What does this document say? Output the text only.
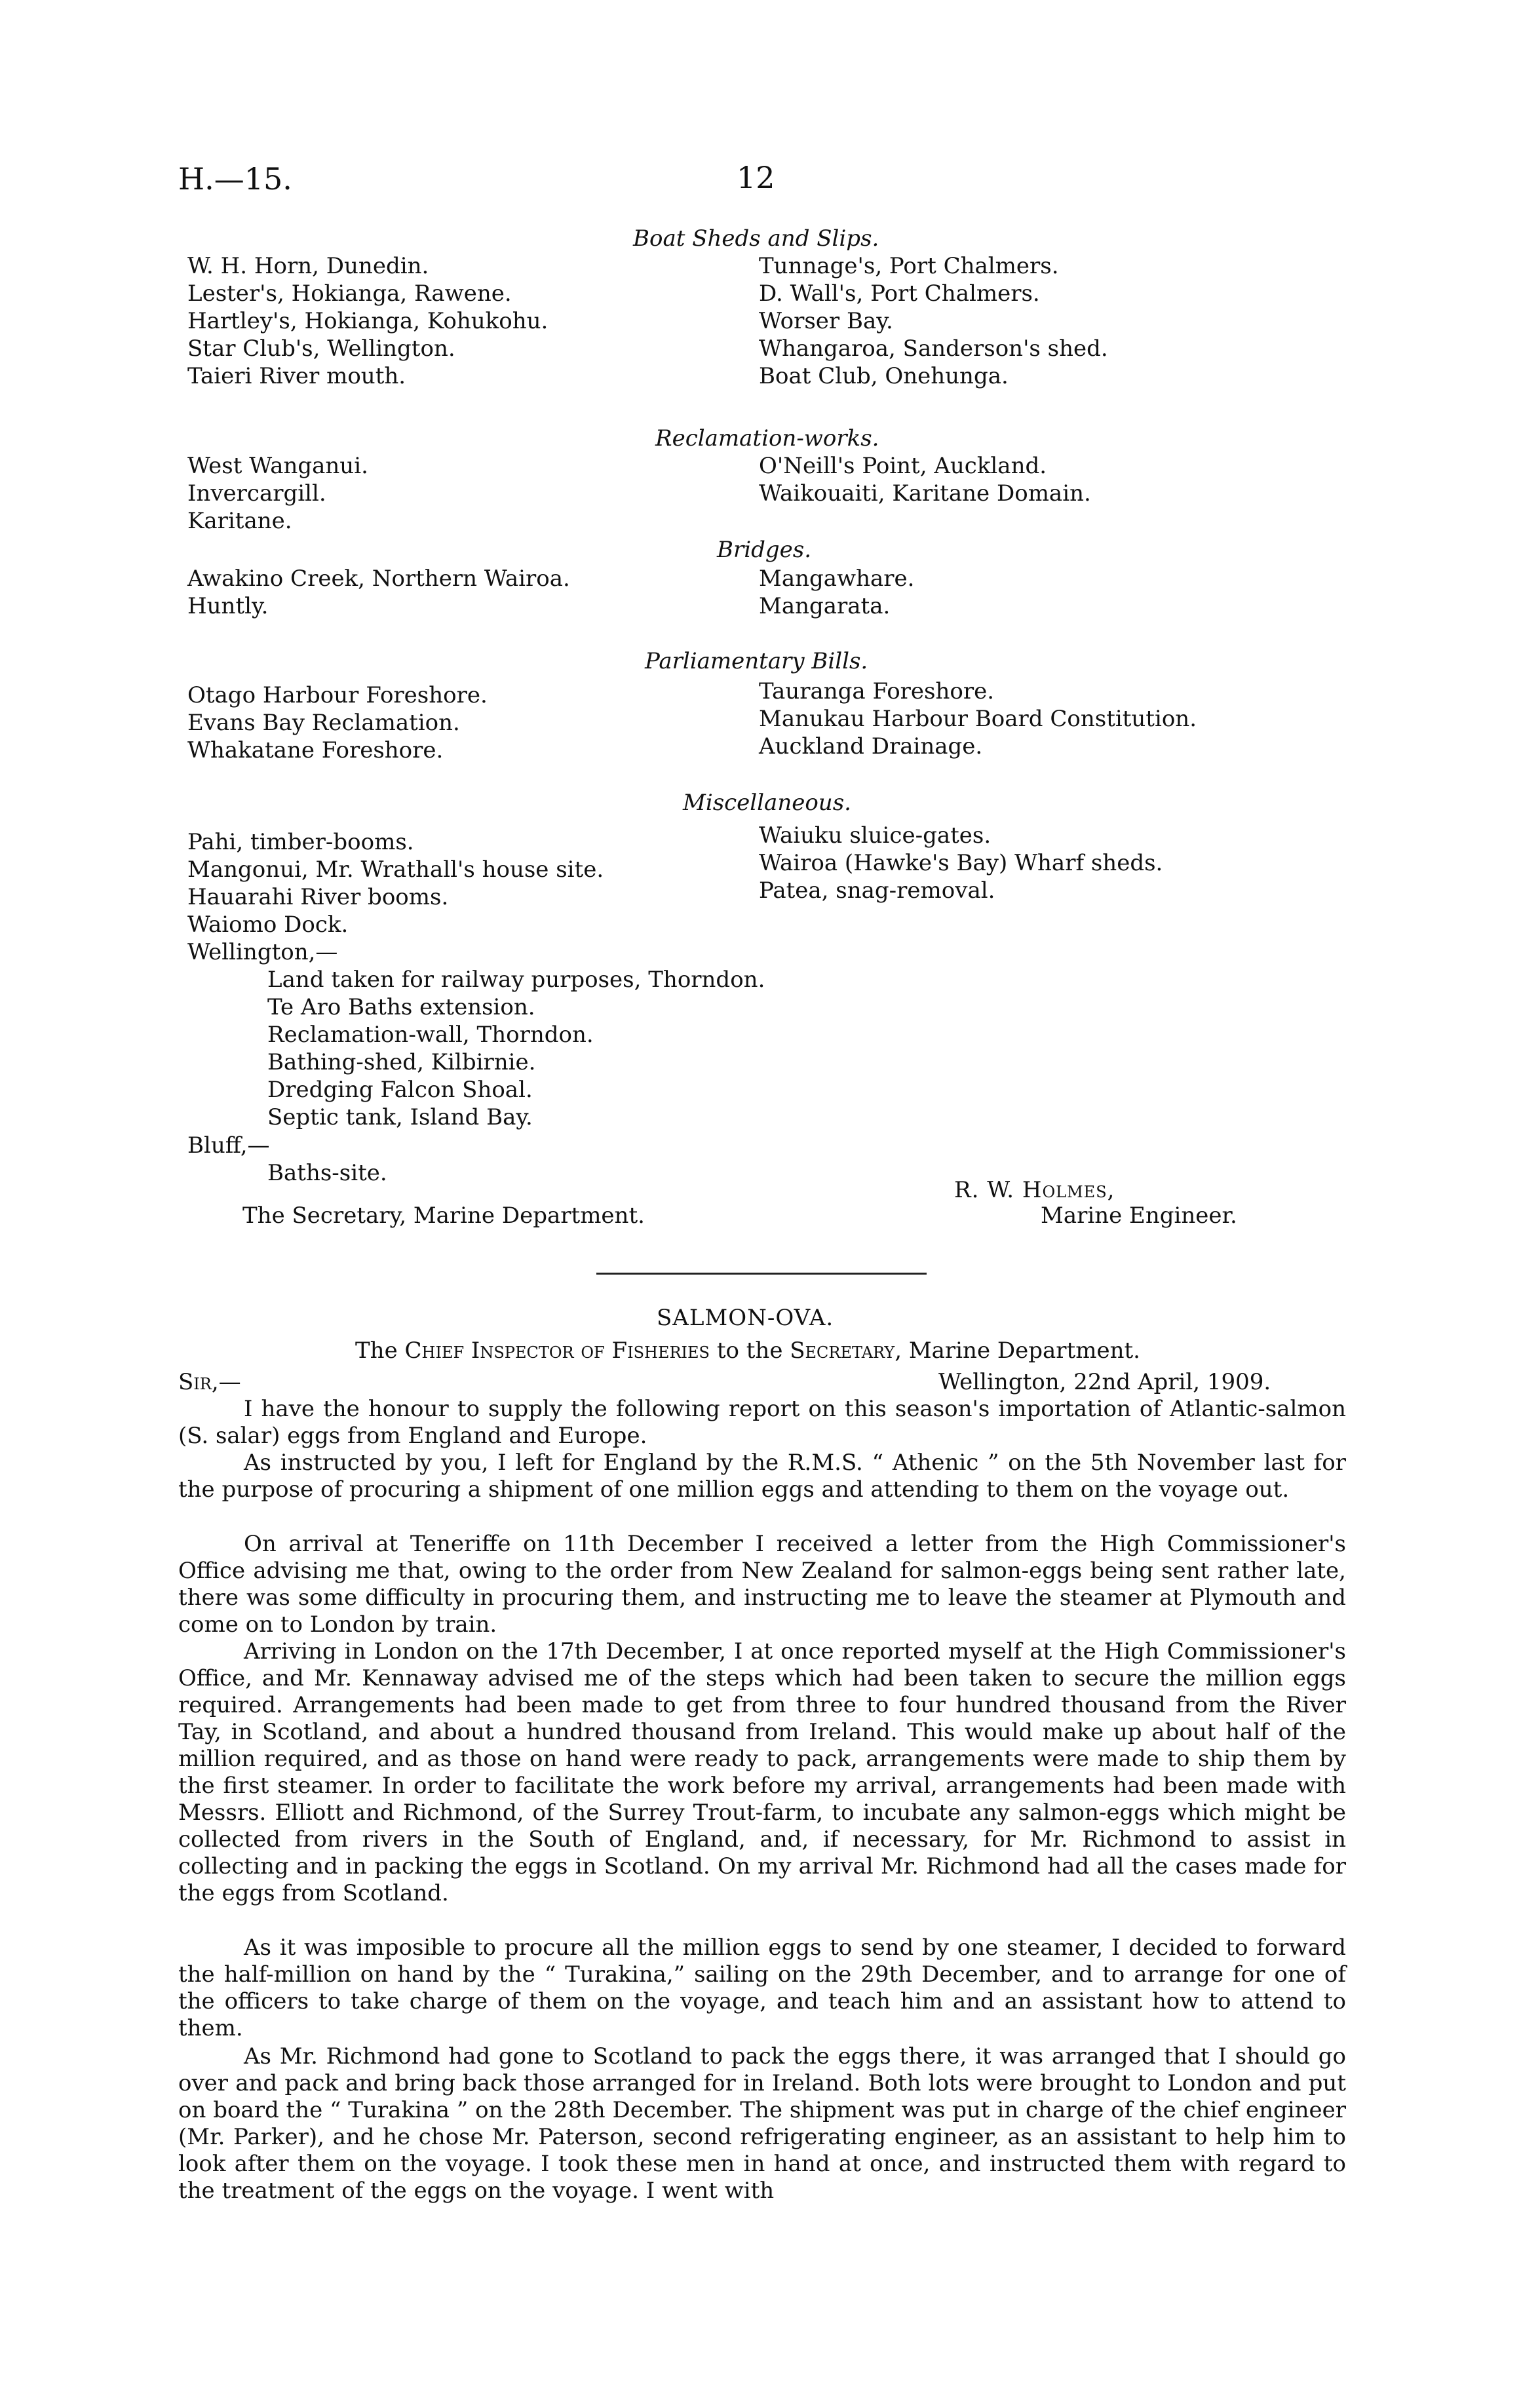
H.—15.	12
Boat Sheds and Slips.
W. H. Horn, Dunedin.
Lester's, Hokianga, Rawene.
Hartley's, Hokianga, Kohukohu.
Star Club's, Wellington.
Taieri River mouth.
Tunnage's, Port Chalmers.
D. Wall's, Port Chalmers.
Worser Bay.
Whangaroa, Sanderson's shed.
Boat Club, Onehunga.
Reclamation-works.
West Wanganui.
Invercargill.
Karitane.
O'Neill's Point, Auckland.
Waikouaiti, Karitane Domain.
Bridges.
Awakino Creek, Northern Wairoa.
Huntly.
Mangawhare.
Mangarata.
Parliamentary Bills.
Otago Harbour Foreshore.
Evans Bay Reclamation.
Whakatane Foreshore.
Tauranga Foreshore.
Manukau Harbour Board Constitution.
Auckland Drainage.
Miscellaneous.
Pahi, timber-booms.
Mangonui, Mr. Wrathall's house site.
Hauarahi River booms.
Waiomo Dock.
Wellington,—
Waiuku sluice-gates.
Wairoa (Hawke's Bay) Wharf sheds.
Patea, snag-removal.
Land taken for railway purposes, Thorndon.
Te Aro Baths extension.
Reclamation-wall, Thorndon.
Bathing-shed, Kilbirnie.
Dredging Falcon Shoal.
Septic tank, Island Bay.
Bluff,—
Baths-site.
The Secretary, Marine Department.
R. W. Holmes,
Marine Engineer.
SALMON-OVA.
The Chief Inspector of Fisheries to the Secretary, Marine Department.
Sir,—	Wellington, 22nd April, 1909.
I have the honour to supply the following report on this season's importation of Atlantic-salmon (S. salar) eggs from England and Europe.
As instructed by you, I left for England by the R.M.S. “ Athenic ” on the 5th November last for the purpose of procuring a shipment of one million eggs and attending to them on the voyage out.
On arrival at Teneriffe on 11th December I received a letter from the High Commissioner's Office advising me that, owing to the order from New Zealand for salmon-eggs being sent rather late, there was some difficulty in procuring them, and instructing me to leave the steamer at Plymouth and come on to London by train.
Arriving in London on the 17th December, I at once reported myself at the High Commissioner's Office, and Mr. Kennaway advised me of the steps which had been taken to secure the million eggs required. Arrangements had been made to get from three to four hundred thousand from the River Tay, in Scotland, and about a hundred thousand from Ireland. This would make up about half of the million required, and as those on hand were ready to pack, arrangements were made to ship them by the first steamer. In order to facilitate the work before my arrival, arrangements had been made with Messrs. Elliott and Richmond, of the Surrey Trout-farm, to incubate any salmon-eggs which might be collected from rivers in the South of England, and, if necessary, for Mr. Richmond to assist in collecting and in packing the eggs in Scotland. On my arrival Mr. Richmond had all the cases made for the eggs from Scotland.
As it was imposible to procure all the million eggs to send by one steamer, I decided to forward the half-million on hand by the “ Turakina,” sailing on the 29th December, and to arrange for one of the officers to take charge of them on the voyage, and teach him and an assistant how to attend to them.
As Mr. Richmond had gone to Scotland to pack the eggs there, it was arranged that I should go over and pack and bring back those arranged for in Ireland. Both lots were brought to London and put on board the “ Turakina ” on the 28th December. The shipment was put in charge of the chief engineer (Mr. Parker), and he chose Mr. Paterson, second refrigerating engineer, as an assistant to help him to look after them on the voyage. I took these men in hand at once, and instructed them with regard to the treatment of the eggs on the voyage. I went with
